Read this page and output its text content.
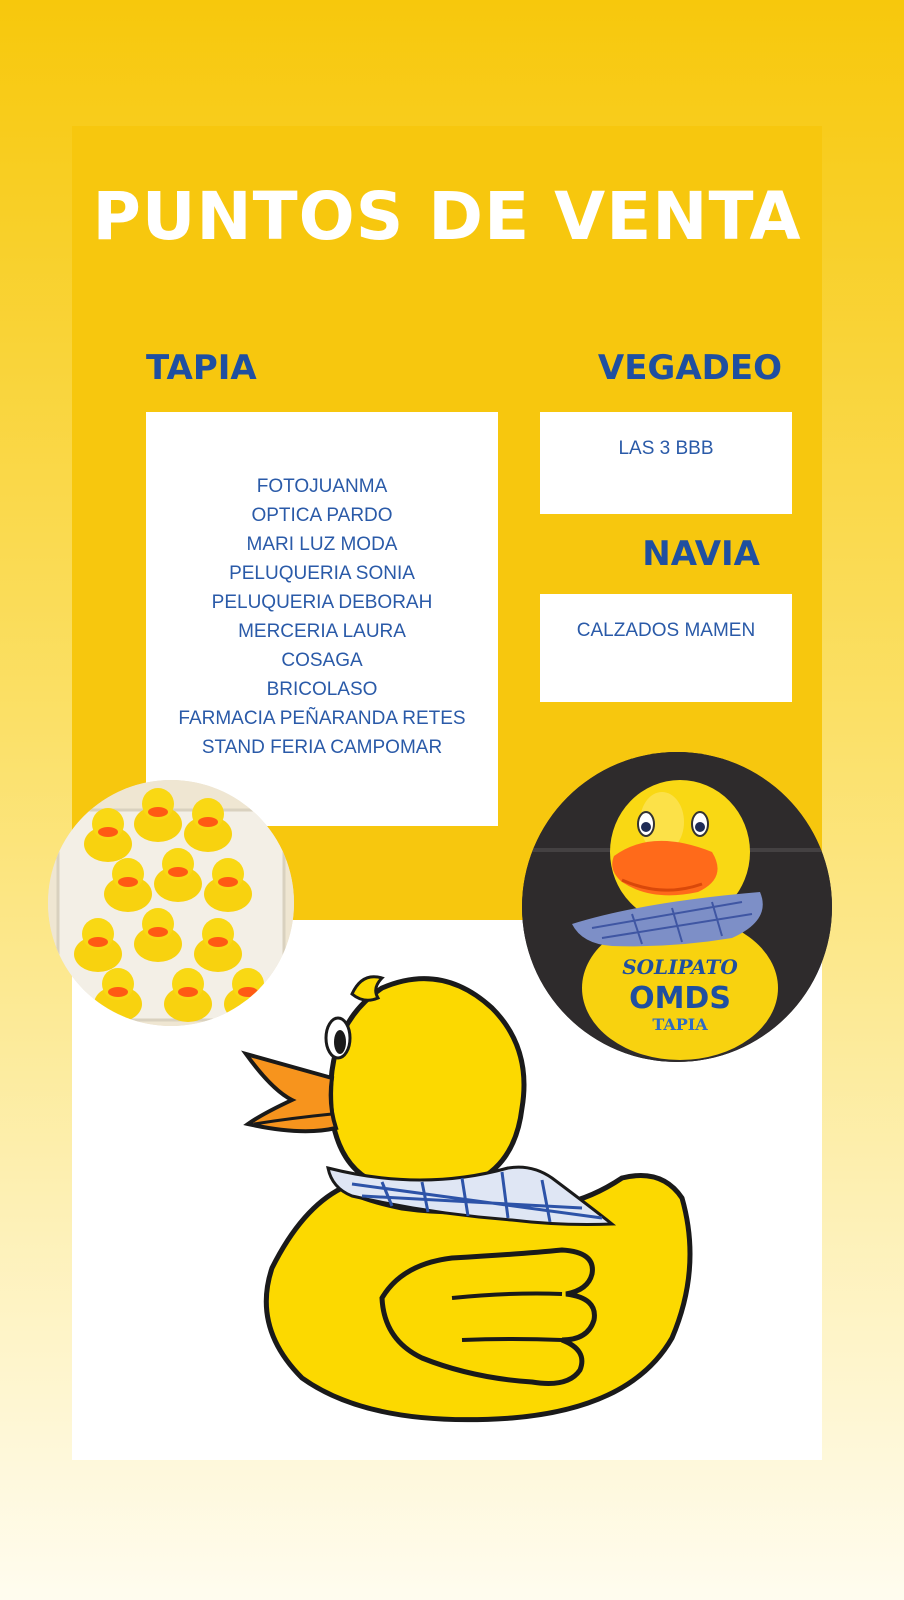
PUNTOS DE VENTA
TAPIA	VEGADEO
NAVIA
FOTOJUANMA
OPTICA PARDO
MARI LUZ MODA
PELUQUERIA SONIA
PELUQUERIA DEBORAH
MERCERIA LAURA
COSAGA
BRICOLASO
FARMACIA PEÑARANDA RETES
STAND FERIA CAMPOMAR
LAS 3 BBB
CALZADOS MAMEN
SOLIPATO
OMDS
TAPIA
